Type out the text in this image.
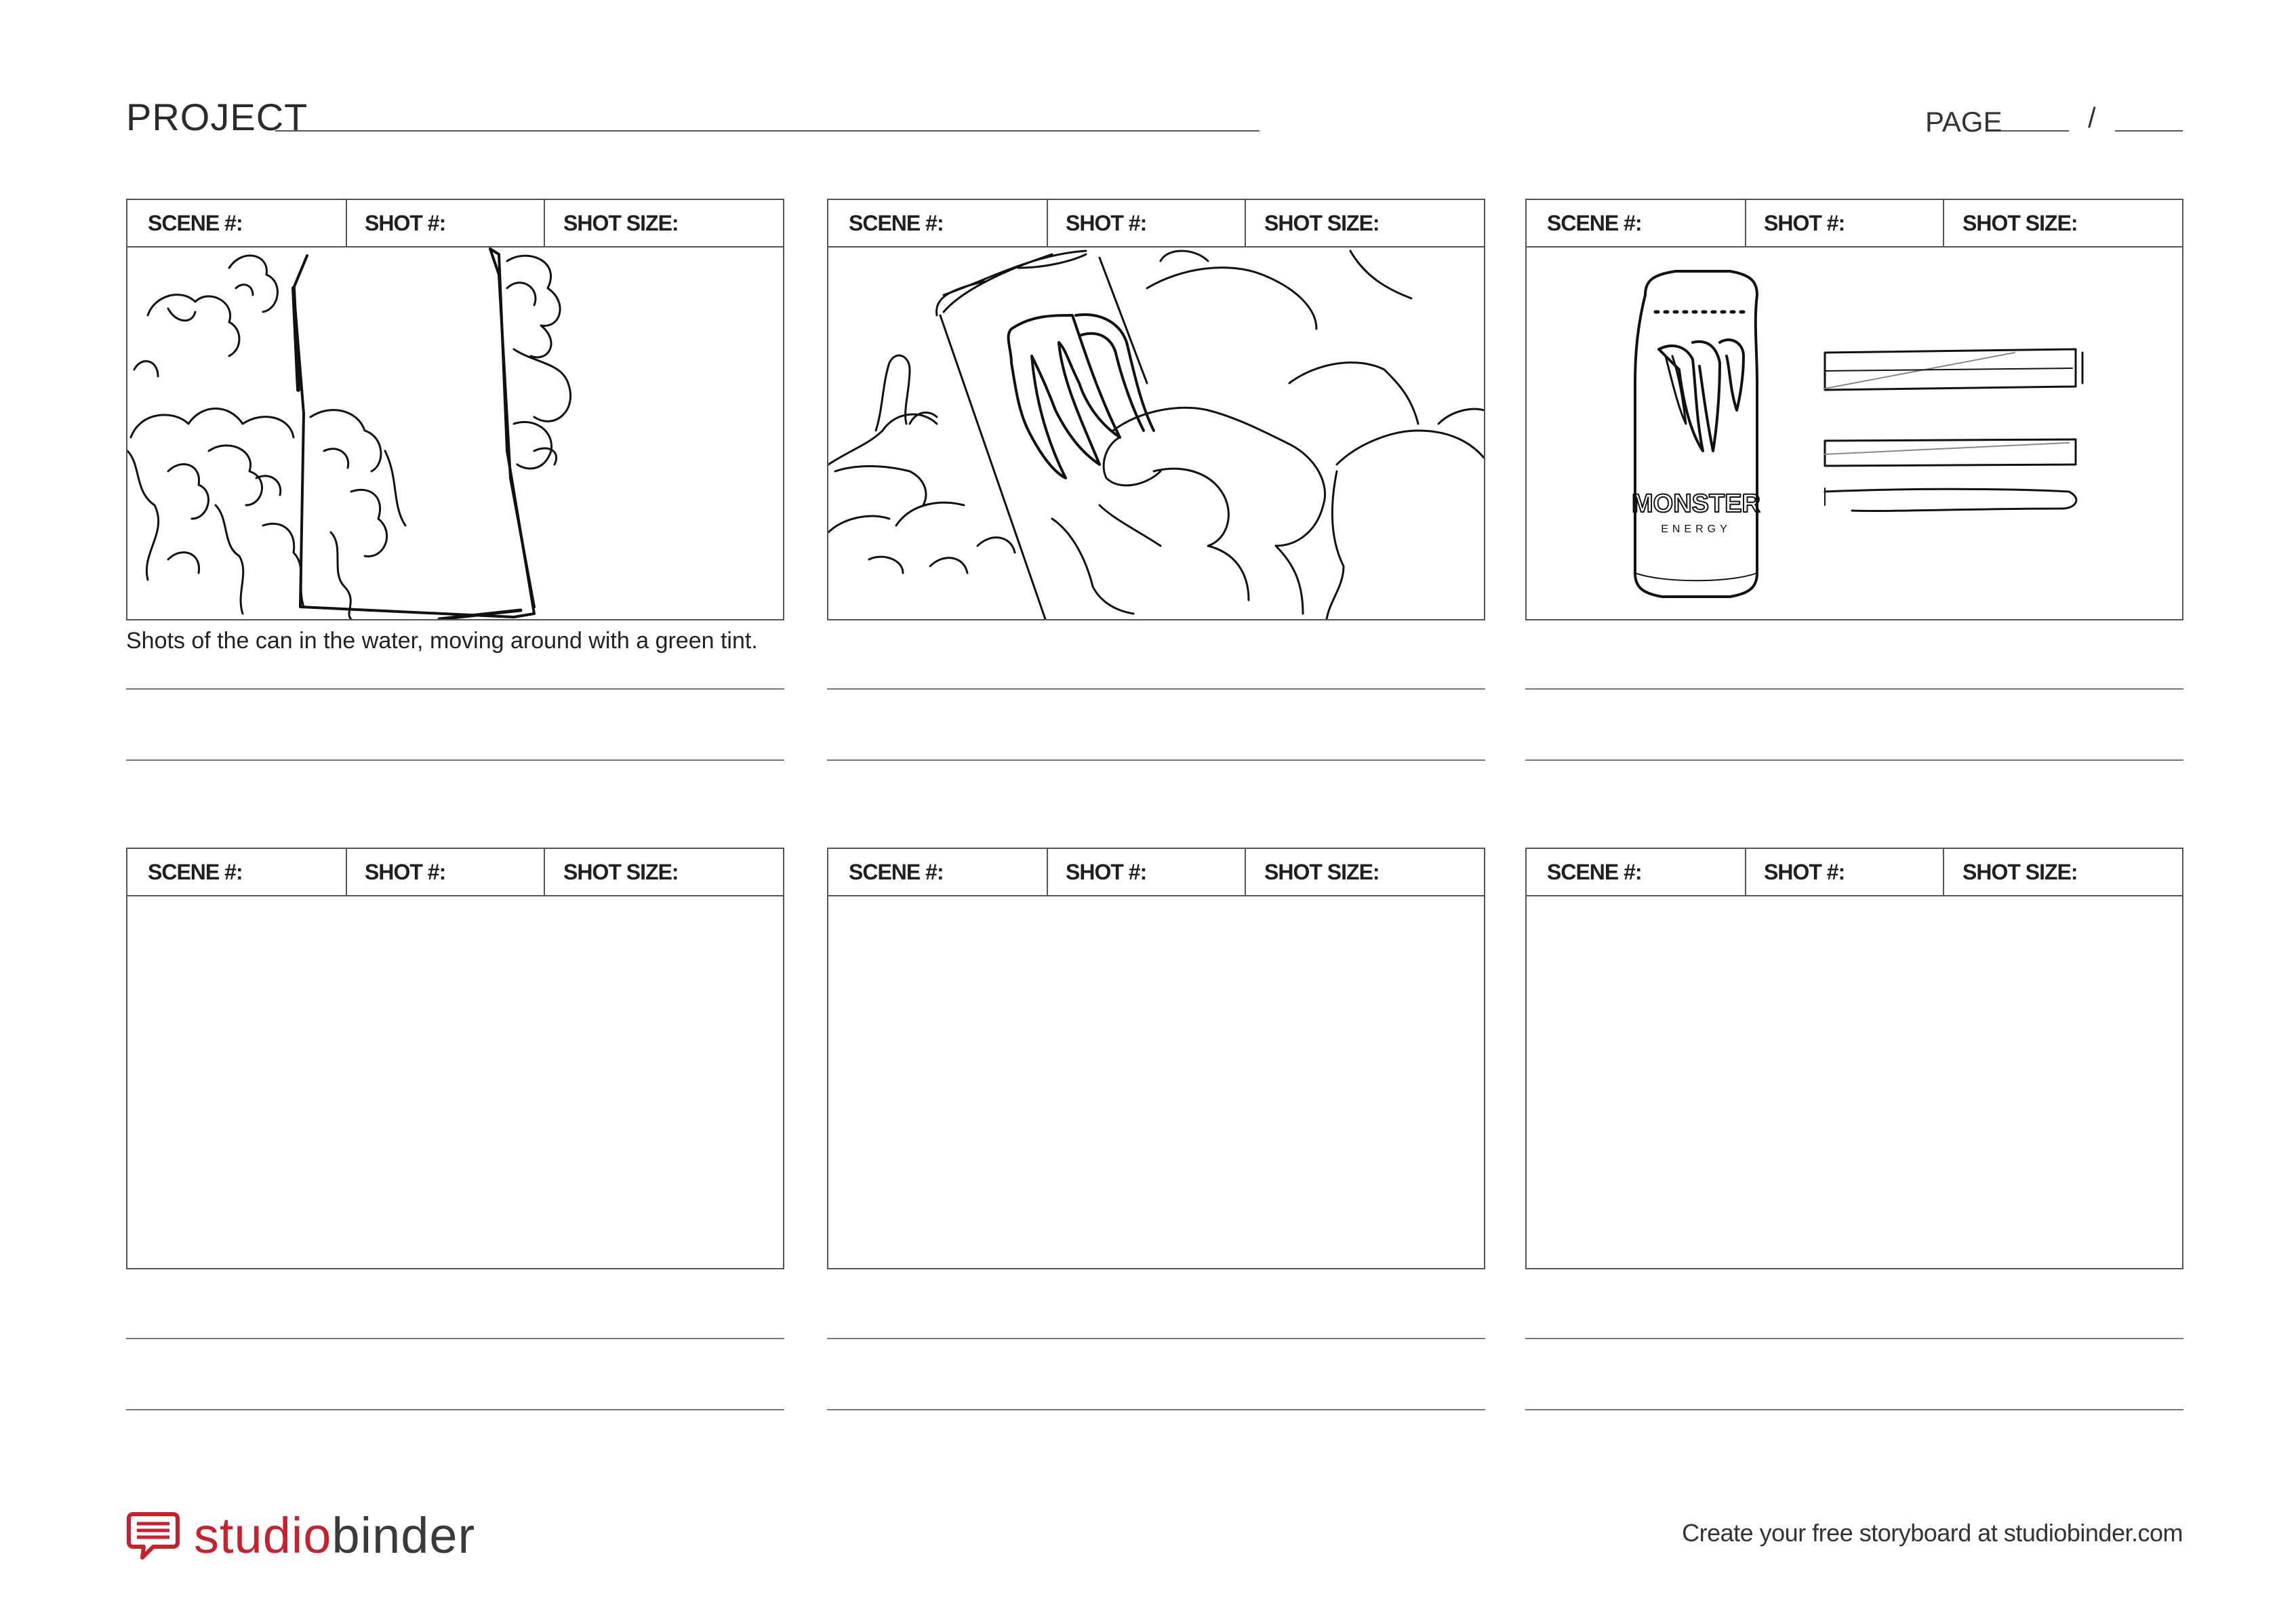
PROJECT	PAGE	/
SCENE #:	SHOT #:	SHOT SIZE:	SCENE #:	SHOT #:	SHOT SIZE:	SCENE #:	SHOT #:	SHOT SIZE:
MONSTER
ENERGY
SCENE #:	SHOT #:	SHOT SIZE:	SCENE #:	SHOT #:	SHOT SIZE:	SCENE #:	SHOT #:	SHOT SIZE:
Shots of the can in the water, moving around with a green tint.
studiobinder	Create your free storyboard at studiobinder.com
